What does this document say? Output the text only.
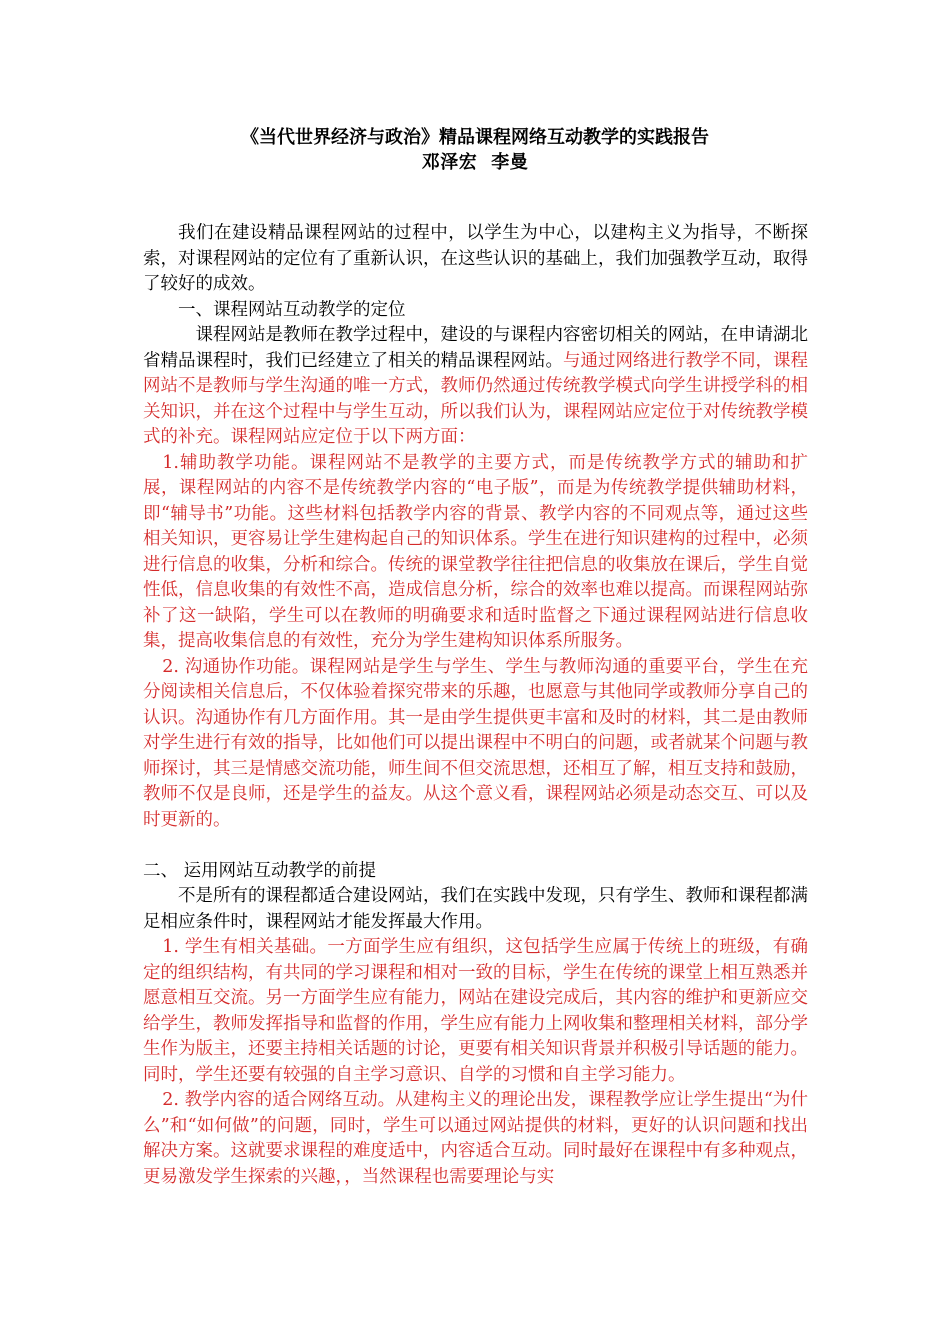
《当代世界经济与政治》精品课程网络互动教学的实践报告
邓泽宏 李曼

我们在建设精品课程网站的过程中，以学生为中心，以建构主义为指导，不断探索，对课程网站的定位有了重新认识，在这些认识的基础上，我们加强教学互动，取得了较好的成效。

一、课程网站互动教学的定位

课程网站是教师在教学过程中，建设的与课程内容密切相关的网站，在申请湖北省精品课程时，我们已经建立了相关的精品课程网站。与通过网络进行教学不同，课程网站不是教师与学生沟通的唯一方式，教师仍然通过传统教学模式向学生讲授学科的相关知识，并在这个过程中与学生互动，所以我们认为，课程网站应定位于对传统教学模式的补充。课程网站应定位于以下两方面：

1.辅助教学功能。课程网站不是教学的主要方式，而是传统教学方式的辅助和扩展，课程网站的内容不是传统教学内容的“电子版”，而是为传统教学提供辅助材料，即“辅导书”功能。这些材料包括教学内容的背景、教学内容的不同观点等，通过这些相关知识，更容易让学生建构起自己的知识体系。学生在进行知识建构的过程中，必须进行信息的收集，分析和综合。传统的课堂教学往往把信息的收集放在课后，学生自觉性低，信息收集的有效性不高，造成信息分析，综合的效率也难以提高。而课程网站弥补了这一缺陷，学生可以在教师的明确要求和适时监督之下通过课程网站进行信息收集，提高收集信息的有效性，充分为学生建构知识体系所服务。

2. 沟通协作功能。课程网站是学生与学生、学生与教师沟通的重要平台，学生在充分阅读相关信息后，不仅体验着探究带来的乐趣，也愿意与其他同学或教师分享自己的认识。沟通协作有几方面作用。其一是由学生提供更丰富和及时的材料，其二是由教师对学生进行有效的指导，比如他们可以提出课程中不明白的问题，或者就某个问题与教师探讨，其三是情感交流功能，师生间不但交流思想，还相互了解，相互支持和鼓励，教师不仅是良师，还是学生的益友。从这个意义看，课程网站必须是动态交互、可以及时更新的。

二、 运用网站互动教学的前提

不是所有的课程都适合建设网站，我们在实践中发现，只有学生、教师和课程都满足相应条件时，课程网站才能发挥最大作用。

1. 学生有相关基础。一方面学生应有组织，这包括学生应属于传统上的班级，有确定的组织结构，有共同的学习课程和相对一致的目标，学生在传统的课堂上相互熟悉并愿意相互交流。另一方面学生应有能力，网站在建设完成后，其内容的维护和更新应交给学生，教师发挥指导和监督的作用，学生应有能力上网收集和整理相关材料，部分学生作为版主，还要主持相关话题的讨论，更要有相关知识背景并积极引导话题的能力。同时，学生还要有较强的自主学习意识、自学的习惯和自主学习能力。

2. 教学内容的适合网络互动。从建构主义的理论出发，课程教学应让学生提出“为什么”和“如何做”的问题，同时，学生可以通过网站提供的材料，更好的认识问题和找出解决方案。这就要求课程的难度适中，内容适合互动。同时最好在课程中有多种观点，更易激发学生探索的兴趣，，当然课程也需要理论与实
